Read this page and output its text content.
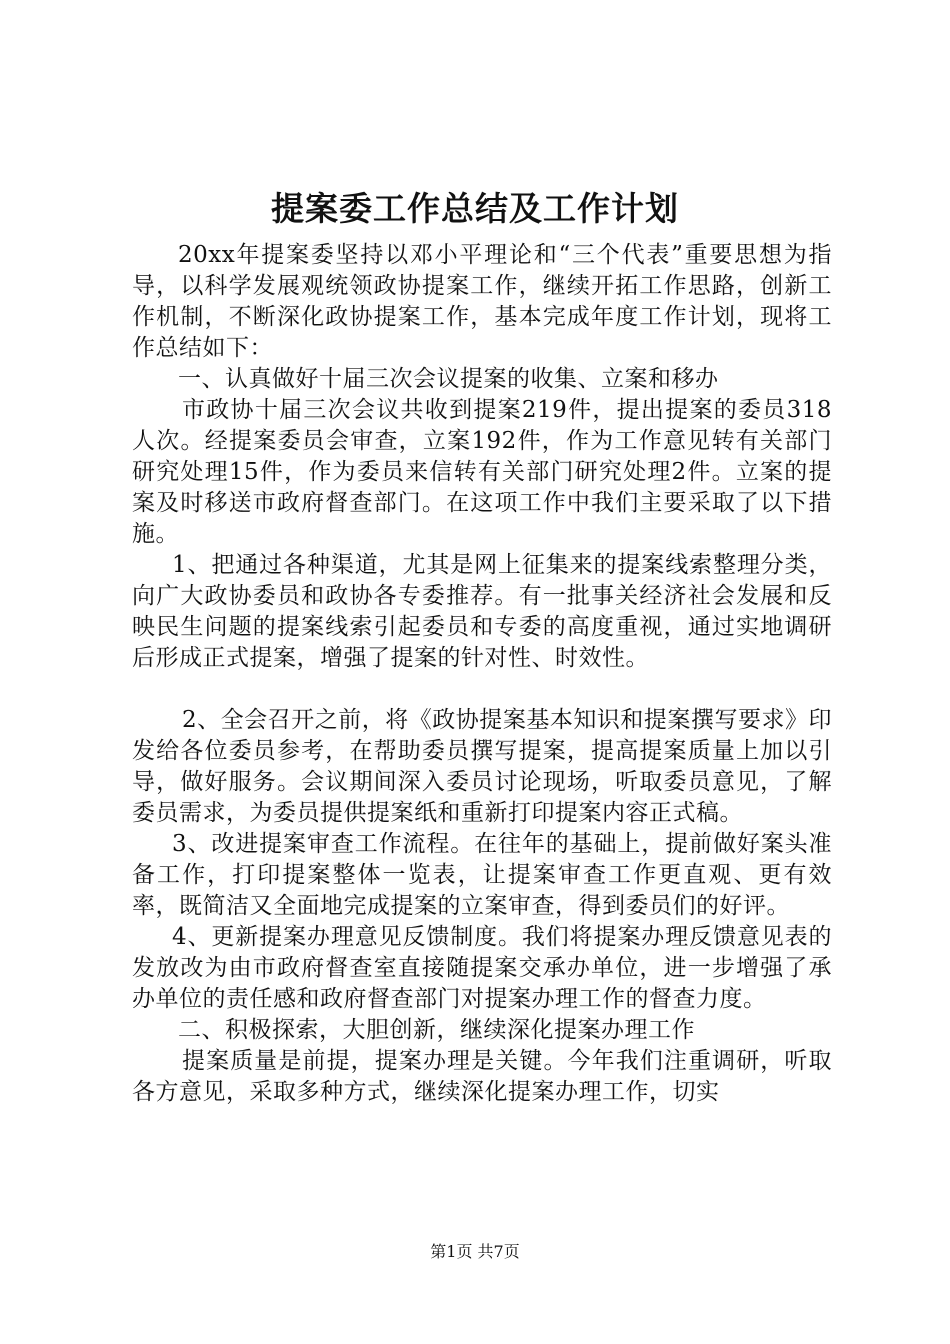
提案委工作总结及工作计划

20xx年提案委坚持以邓小平理论和“三个代表”重要思想为指导，以科学发展观统领政协提案工作，继续开拓工作思路，创新工作机制，不断深化政协提案工作，基本完成年度工作计划，现将工作总结如下：

一、认真做好十届三次会议提案的收集、立案和移办

市政协十届三次会议共收到提案219件，提出提案的委员318人次。经提案委员会审查，立案192件，作为工作意见转有关部门研究处理15件，作为委员来信转有关部门研究处理2件。立案的提案及时移送市政府督查部门。在这项工作中我们主要采取了以下措施。

1、把通过各种渠道，尤其是网上征集来的提案线索整理分类，向广大政协委员和政协各专委推荐。有一批事关经济社会发展和反映民生问题的提案线索引起委员和专委的高度重视，通过实地调研后形成正式提案，增强了提案的针对性、时效性。

2、全会召开之前，将《政协提案基本知识和提案撰写要求》印发给各位委员参考，在帮助委员撰写提案，提高提案质量上加以引导，做好服务。会议期间深入委员讨论现场，听取委员意见，了解委员需求，为委员提供提案纸和重新打印提案内容正式稿。

3、改进提案审查工作流程。在往年的基础上，提前做好案头准备工作，打印提案整体一览表，让提案审查工作更直观、更有效率，既简洁又全面地完成提案的立案审查，得到委员们的好评。

4、更新提案办理意见反馈制度。我们将提案办理反馈意见表的发放改为由市政府督查室直接随提案交承办单位，进一步增强了承办单位的责任感和政府督查部门对提案办理工作的督查力度。

二、积极探索，大胆创新，继续深化提案办理工作

提案质量是前提，提案办理是关键。今年我们注重调研，听取各方意见，采取多种方式，继续深化提案办理工作，切实

第1页 共7页
